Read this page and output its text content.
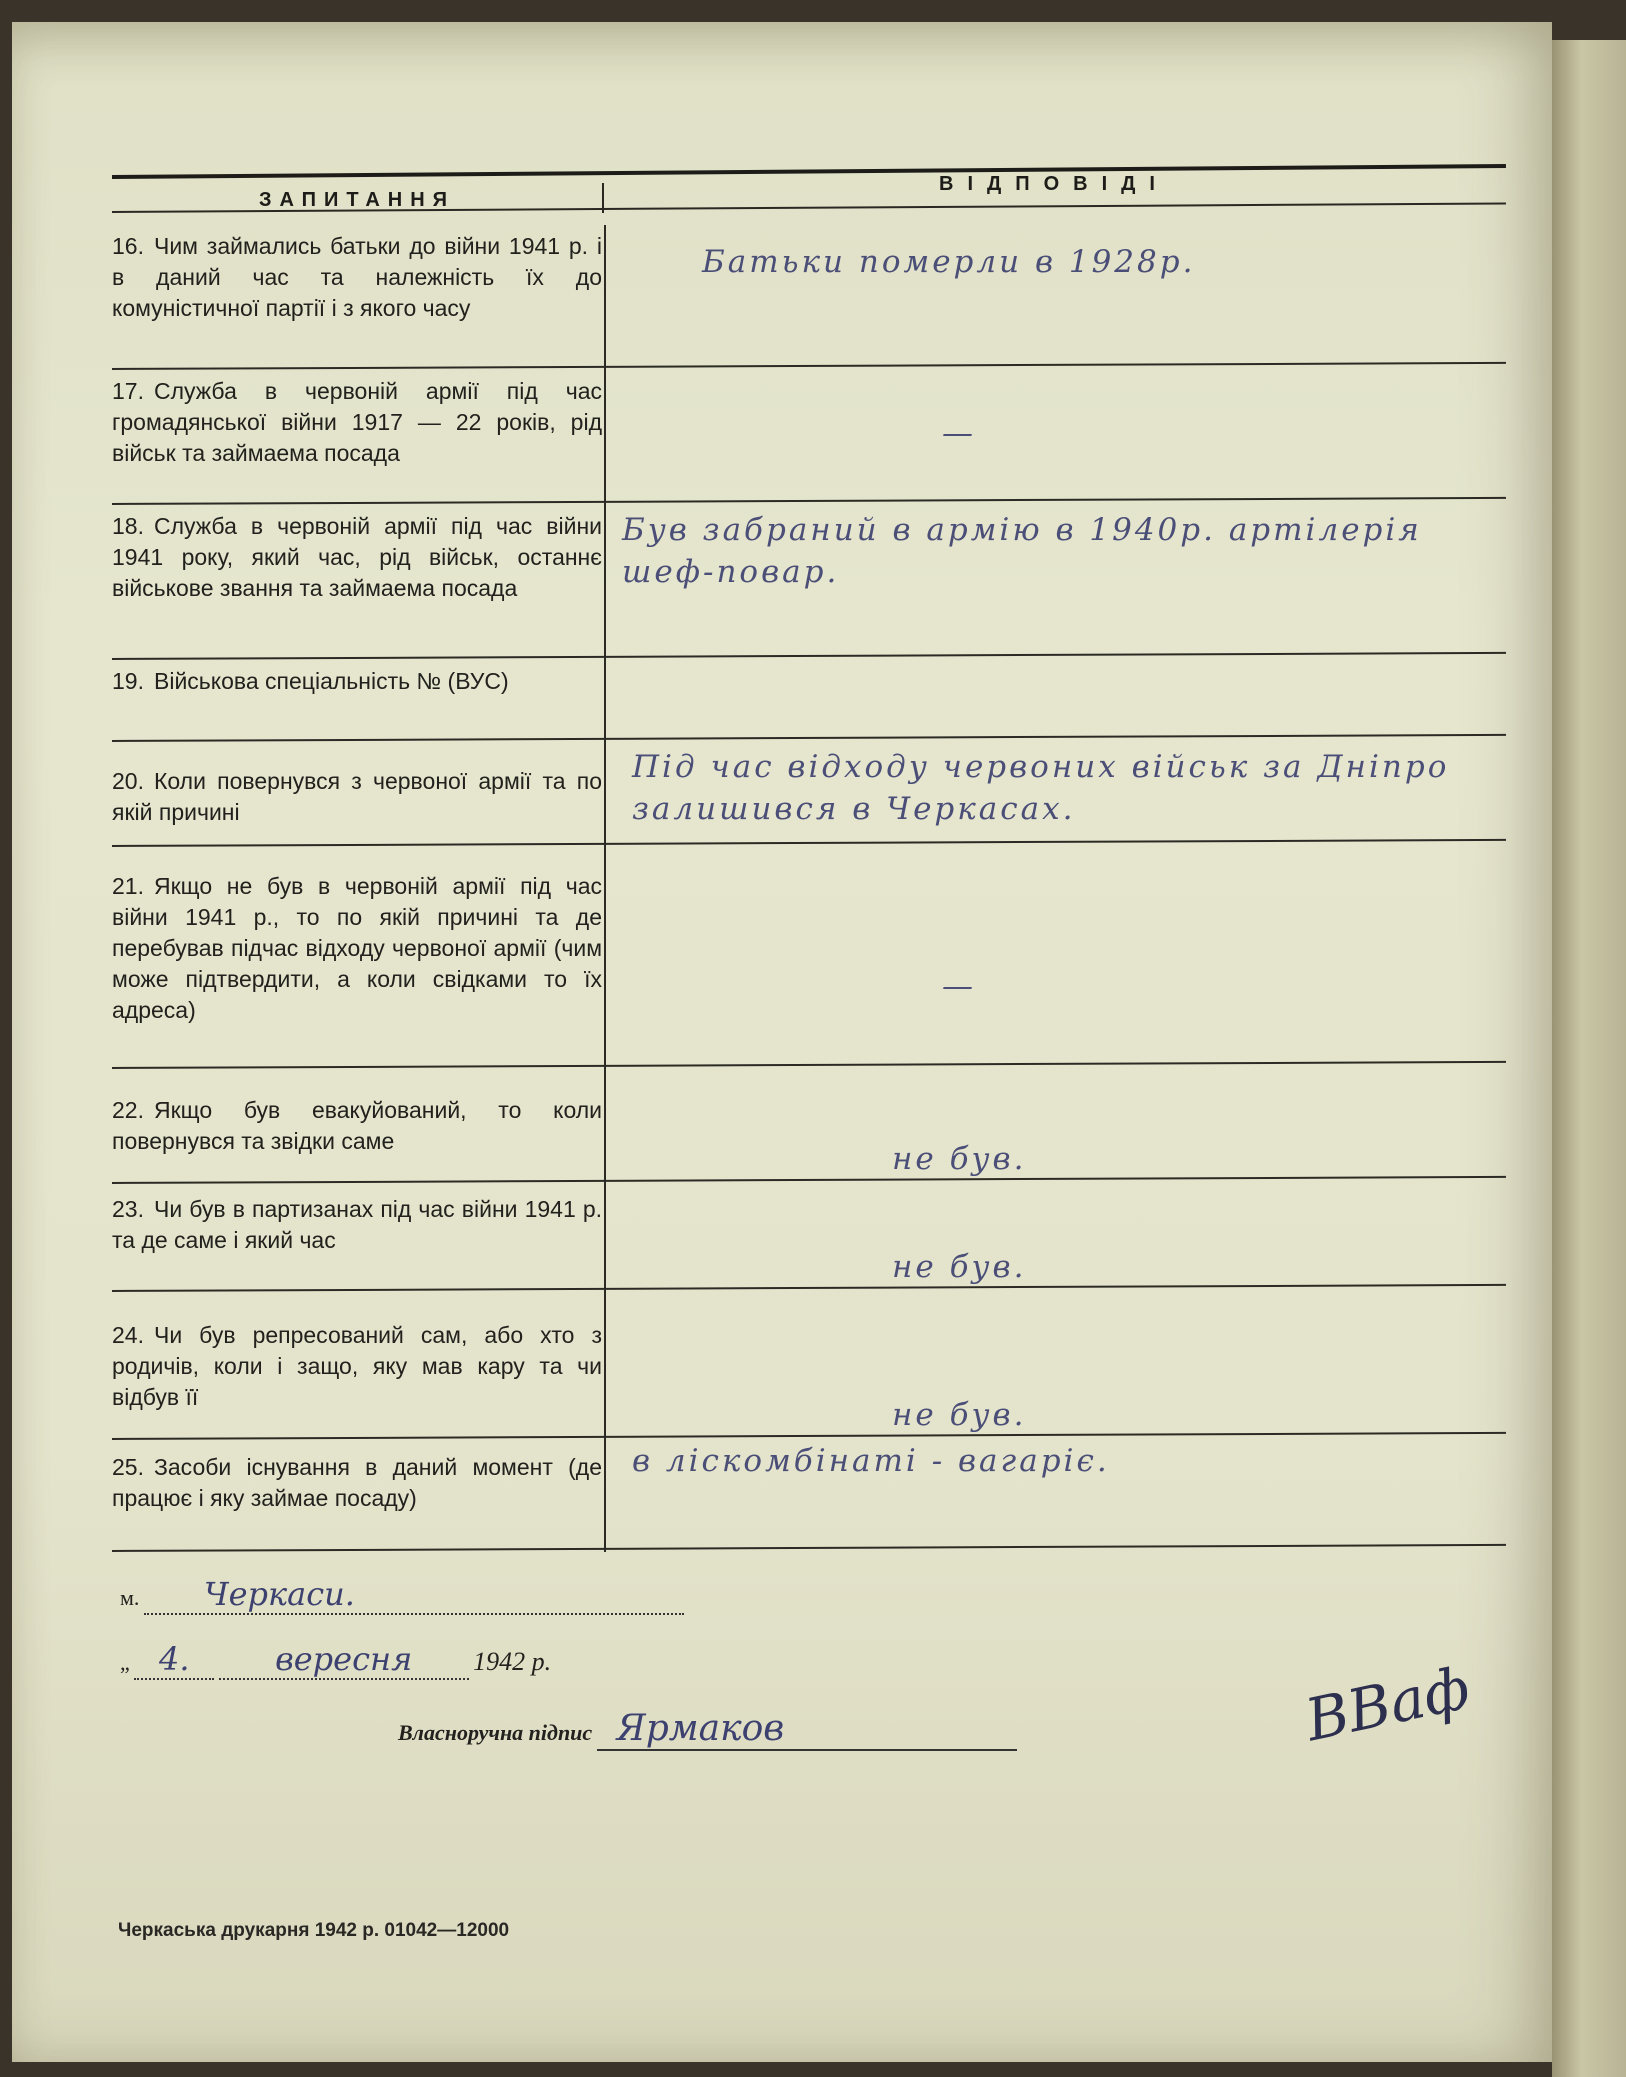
ВІДПОВІДІ
ЗАПИТАННЯ
16. Чим займались батьки до війни 1941 р. і в даний час та належність їх до комуністичної партії і з якого часу
Батьки померли в 1928р.
17. Служба в червоній армії під час громадянської війни 1917 — 22 років, рід військ та займаема посада
—
18. Служба в червоній армії під час війни 1941 року, який час, рід військ, останнє військове звання та займаема посада
Був забраний в армію в 1940р. артілерія шеф-повар.
19. Військова спеціальність № (ВУС)
20. Коли повернувся з червоної армії та по якій причині
Під час відходу червоних військ за Дніпро залишився в Черкасах.
21. Якщо не був в червоній армії під час війни 1941 р., то по якій причині та де перебував підчас відходу червоної армії (чим може підтвердити, а коли свідками то їх адреса)
—
22. Якщо був евакуйований, то коли повернувся та звідки саме	не був.
23. Чи був в партизанах під час війни 1941 р. та де саме і який час
не був.
24. Чи був репресований сам, або хто з родичів, коли і защо, яку мав кару та чи відбув її	не був.
25. Засоби існування в даний момент (де працює і яку займае посаду)
в ліскомбінаті - вагаріє.
м. Черкаси.
„ 4.	вересня 1942 р.
Власноручна підпис Ярмаков	ВВаф
Черкаська друкарня 1942 р. 01042—12000
